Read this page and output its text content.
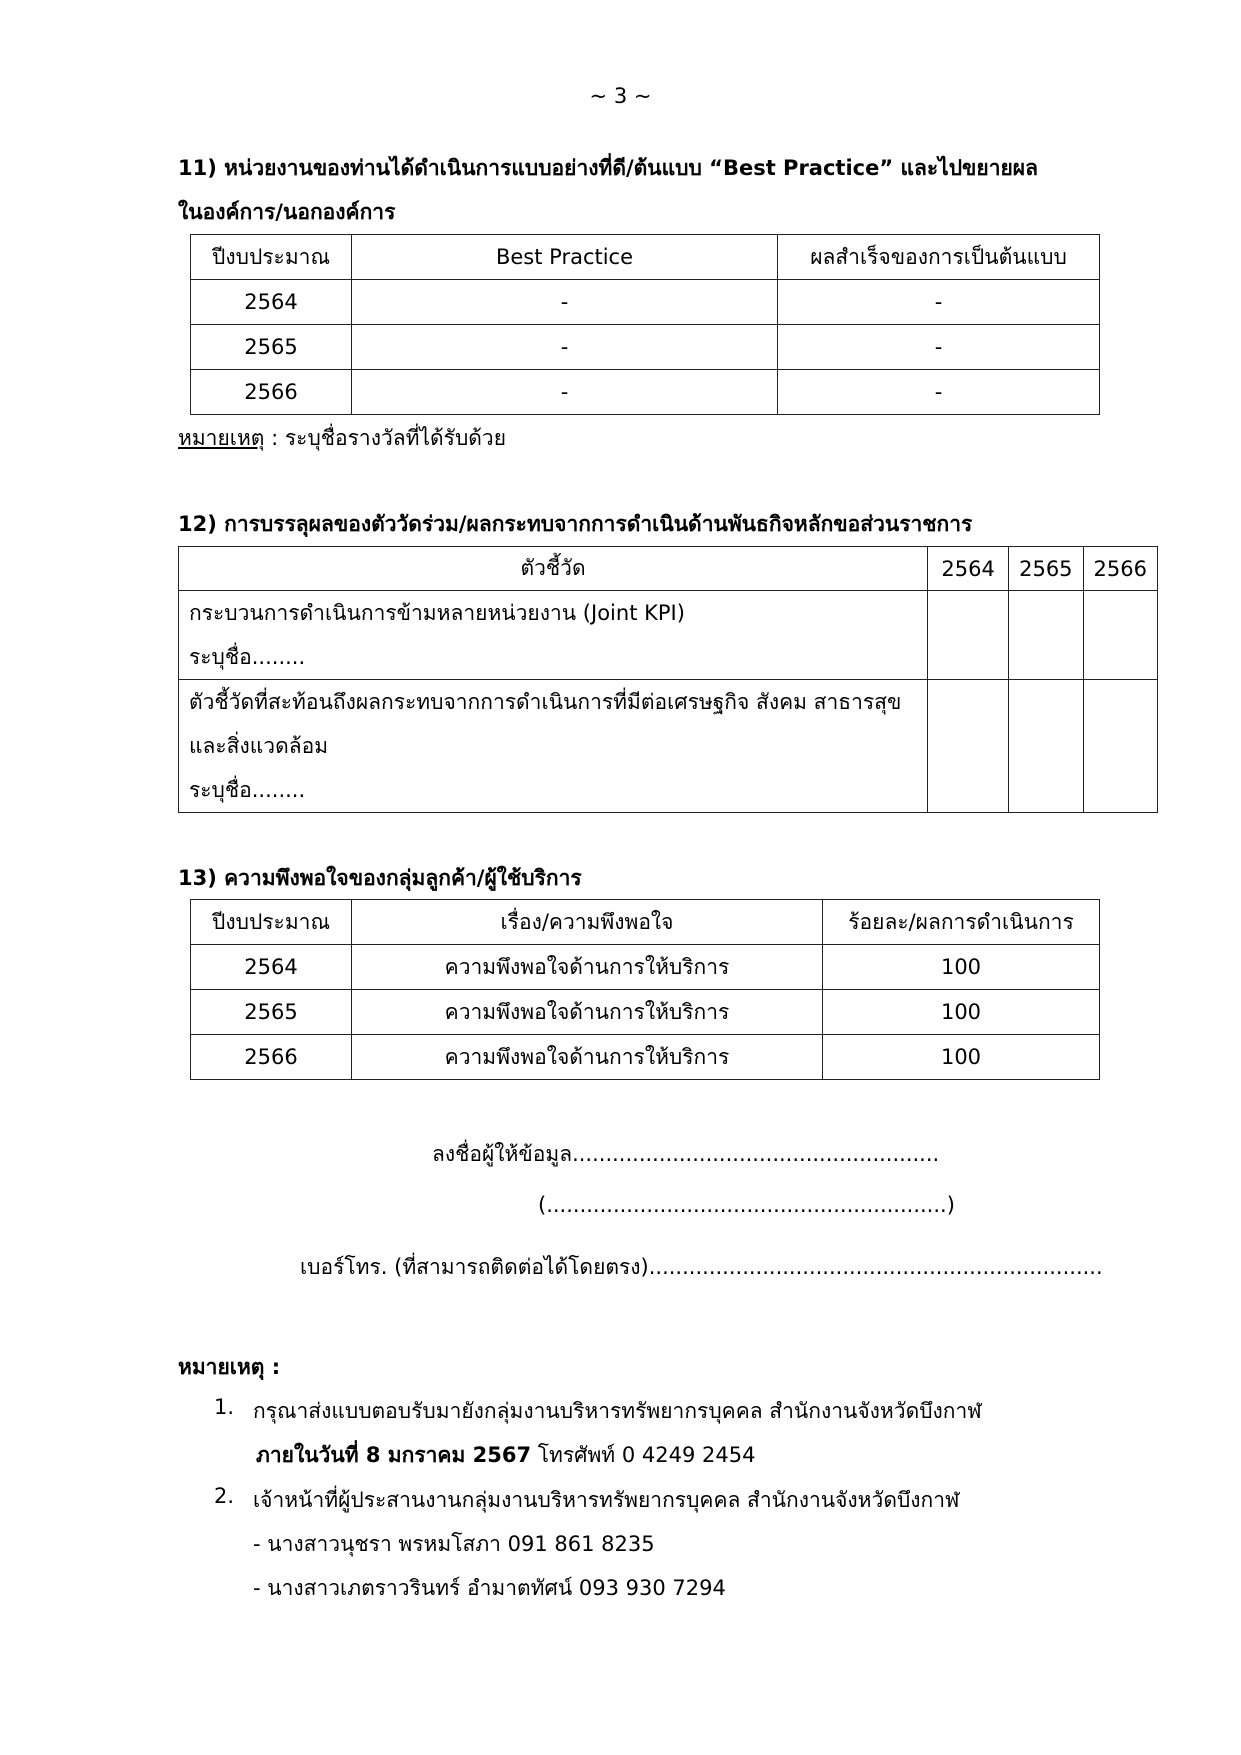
~ 3 ~
11) หน่วยงานของท่านได้ดำเนินการแบบอย่างที่ดี/ต้นแบบ “Best Practice” และไปขยายผล
ในองค์การ/นอกองค์การ
ปีงบประมาณ	Best Practice	ผลสำเร็จของการเป็นต้นแบบ
2564	-	-
2565	-	-
2566	-	-
หมายเหตุ : ระบุชื่อรางวัลที่ได้รับด้วย
12) การบรรลุผลของตัววัดร่วม/ผลกระทบจากการดำเนินด้านพันธกิจหลักขอส่วนราชการ
ตัวชี้วัด	2564	2565	2566

กระบวนการดำเนินการข้ามหลายหน่วยงาน (Joint KPI)
ระบุชื่อ........			

ตัวชี้วัดที่สะท้อนถึงผลกระทบจากการดำเนินการที่มีต่อเศรษฐกิจ สังคม สาธารสุข
และสิ่งแวดล้อม
ระบุชื่อ........			

13) ความพึงพอใจของกลุ่มลูกค้า/ผู้ใช้บริการ
ปีงบประมาณ	เรื่อง/ความพึงพอใจ	ร้อยละ/ผลการดำเนินการ
2564	ความพึงพอใจด้านการให้บริการ	100
2565	ความพึงพอใจด้านการให้บริการ	100
2566	ความพึงพอใจด้านการให้บริการ	100
ลงชื่อผู้ให้ข้อมูล.......................................................
(............................................................)
เบอร์โทร. (ที่สามารถติดต่อได้โดยตรง)....................................................................
หมายเหตุ :
1. กรุณาส่งแบบตอบรับมายังกลุ่มงานบริหารทรัพยากรบุคคล สำนักงานจังหวัดบึงกาฬ
ภายในวันที่ 8 มกราคม 2567 โทรศัพท์ 0 4249 2454
2. เจ้าหน้าที่ผู้ประสานงานกลุ่มงานบริหารทรัพยากรบุคคล สำนักงานจังหวัดบึงกาฬ
- นางสาวนุชรา พรหมโสภา 091 861 8235
- นางสาวเภตราวรินทร์ อำมาตทัศน์ 093 930 7294
